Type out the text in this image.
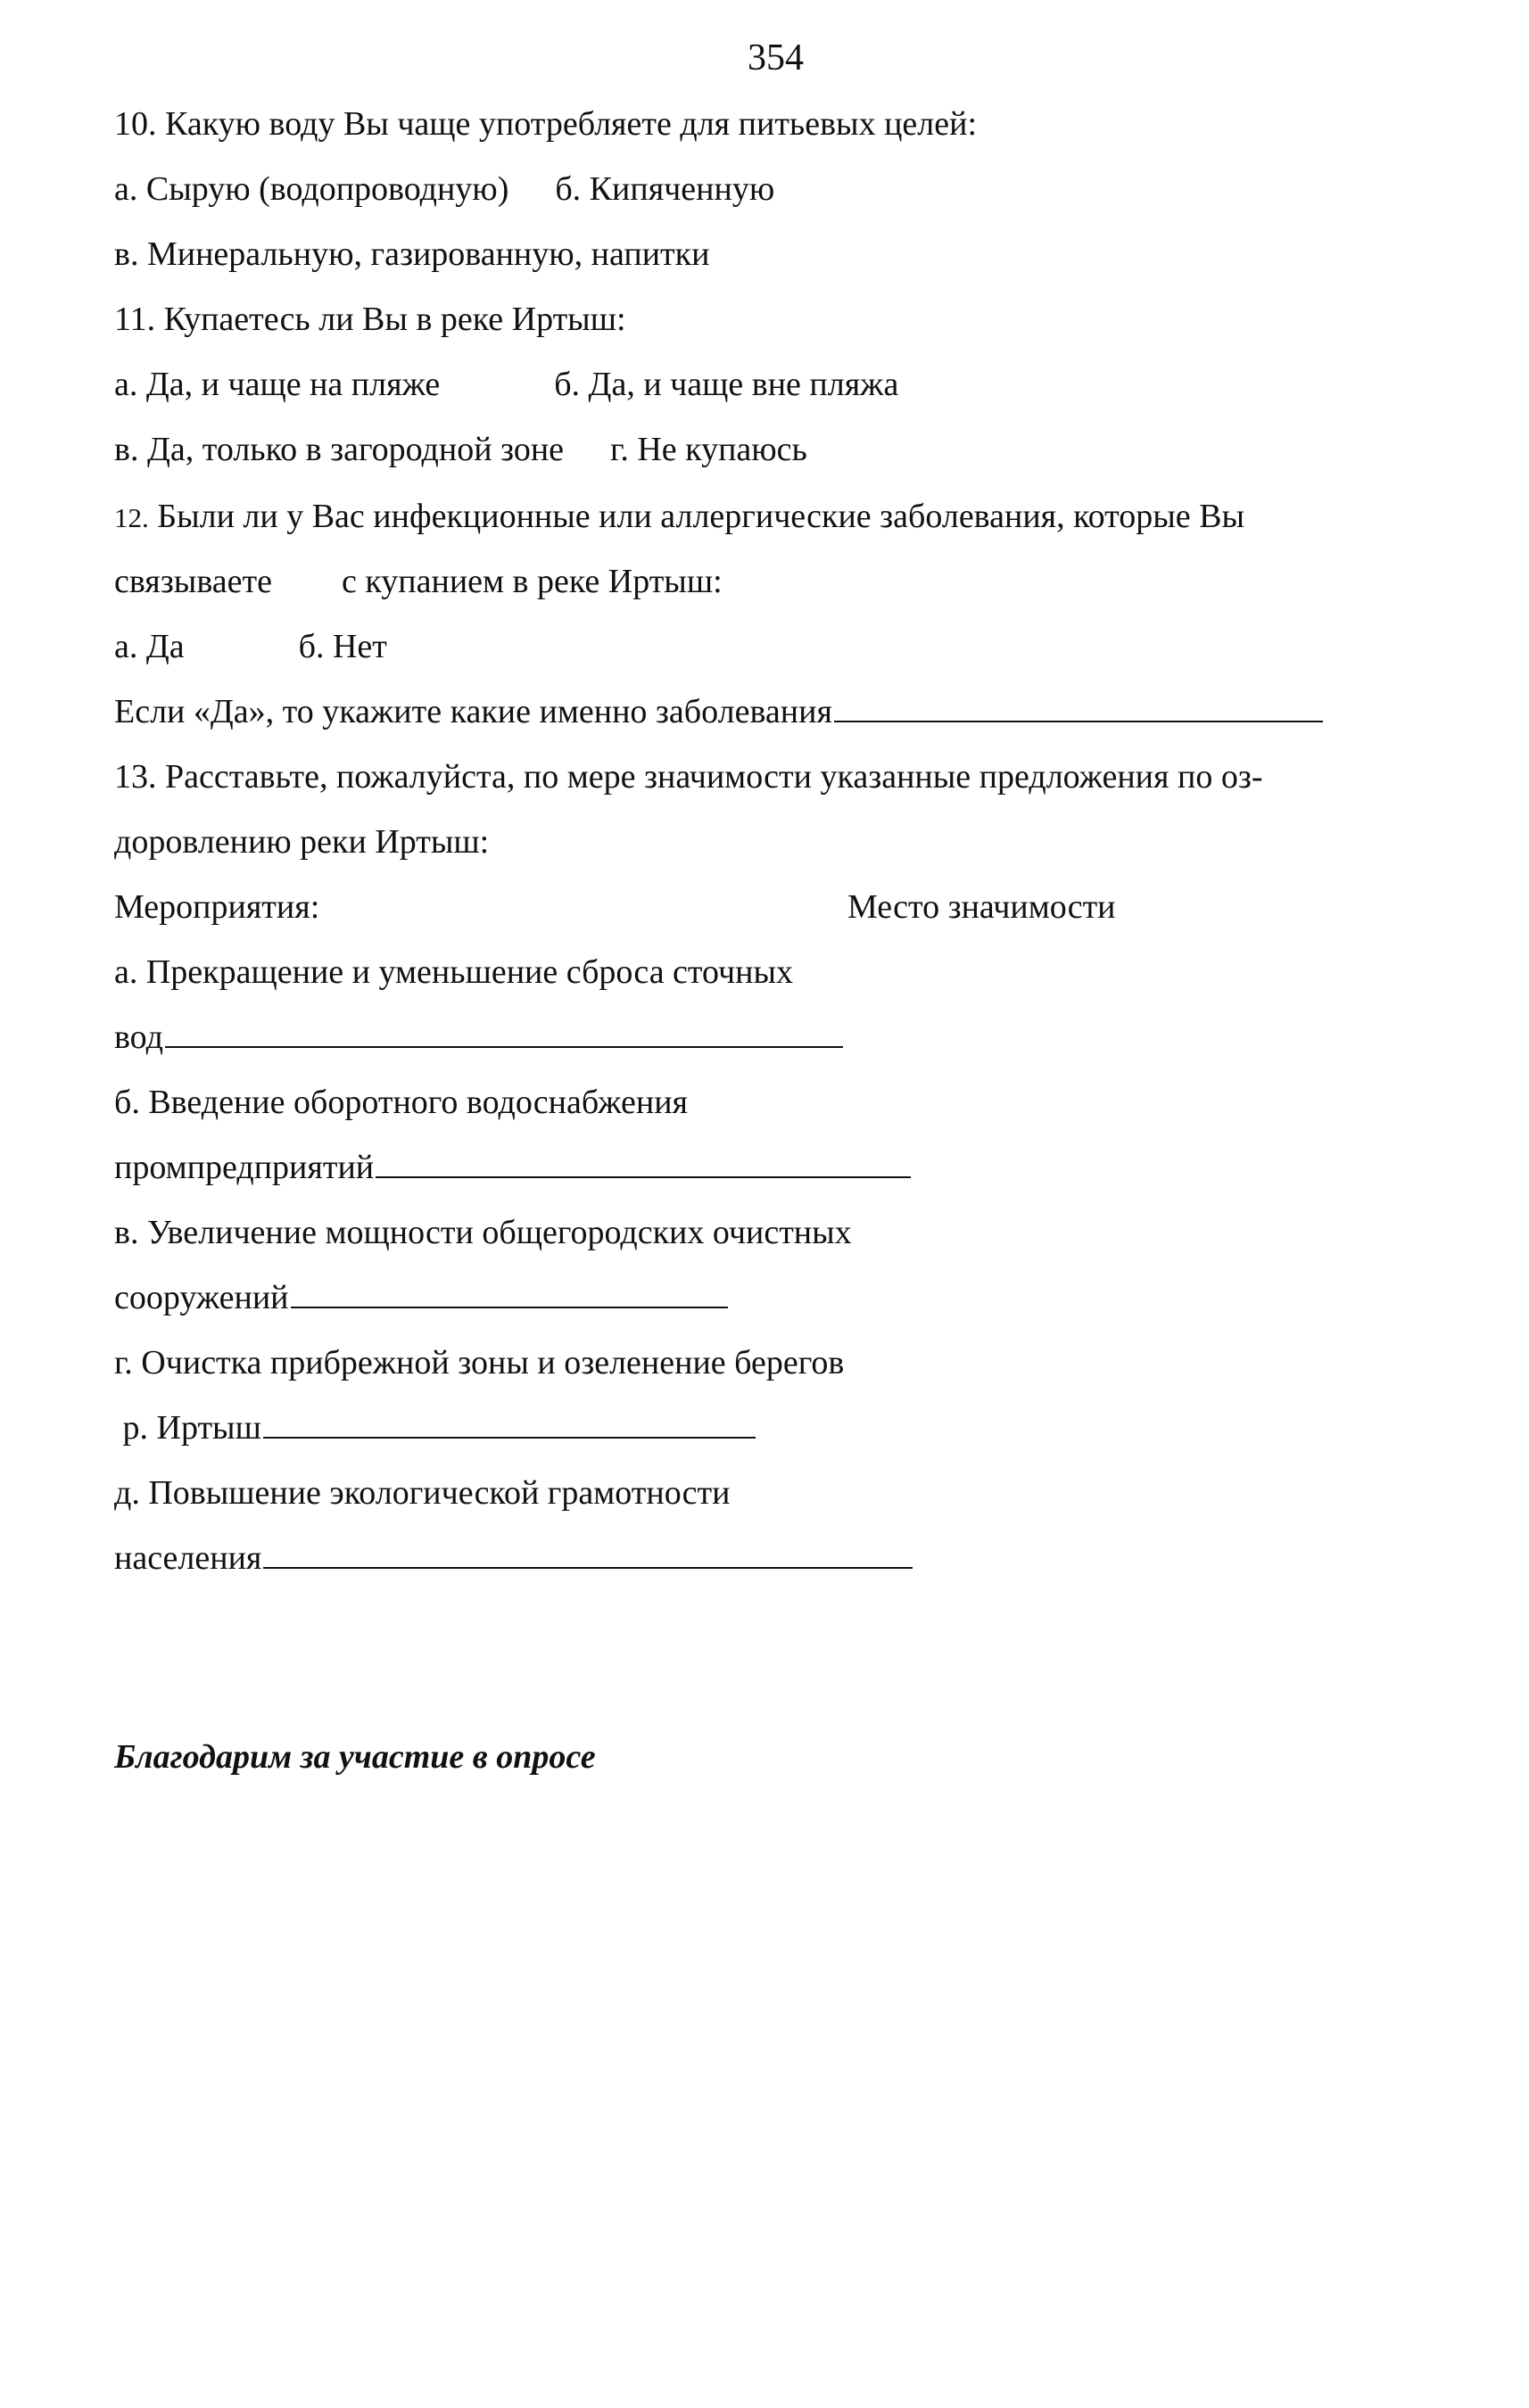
354
10. Какую воду Вы чаще употребляете для питьевых целей:
а. Сырую (водопроводную) б. Кипяченную
в. Минеральную, газированную, напитки
11. Купаетесь ли Вы в реке Иртыш:
а. Да, и чаще на пляже	б. Да, и чаще вне пляжа
в. Да, только в загородной зоне г. Не купаюсь
12. Были ли у Вас инфекционные или аллергические заболевания, которые Вы
связываете с купанием в реке Иртыш:
а. Да	б. Нет
Если «Да», то укажите какие именно заболевания
13. Расставьте, пожалуйста, по мере значимости указанные предложения по оз-
доровлению реки Иртыш:
Мероприятия:	Место значимости
а. Прекращение и уменьшение сброса сточных
вод
б. Введение оборотного водоснабжения
промпредприятий
в. Увеличение мощности общегородских очистных
сооружений
г. Очистка прибрежной зоны и озеленение берегов
р. Иртыш
д. Повышение экологической грамотности
населения
Благодарим за участие в опросе
